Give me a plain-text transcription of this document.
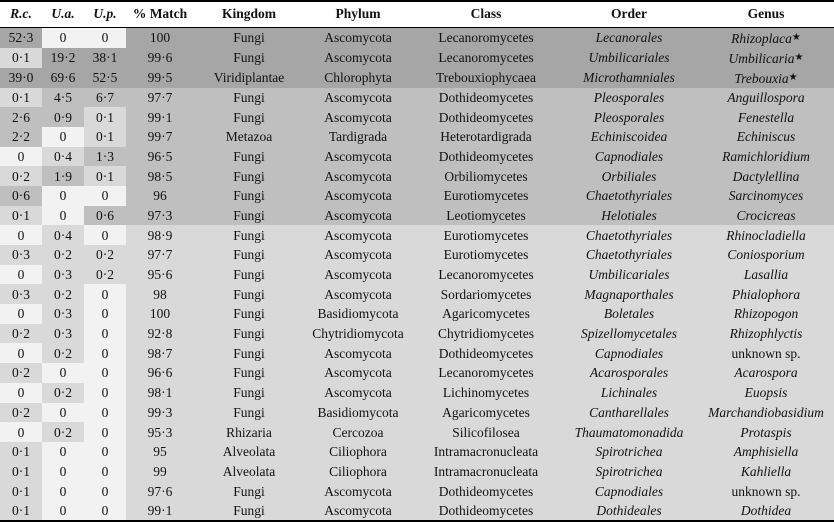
R.c.	U.a.	U.p.	% Match	Kingdom	Phylum	Class	Order	Genus
52·3	0	0	100	Fungi	Ascomycota	Lecanoromycetes	Lecanorales	Rhizoplaca★
0·1	19·2	38·1	99·6	Fungi	Ascomycota	Lecanoromycetes	Umbilicariales	Umbilicaria★
39·0	69·6	52·5	99·5	Viridiplantae	Chlorophyta	Trebouxiophycaea	Microthamniales	Trebouxia★
0·1	4·5	6·7	97·7	Fungi	Ascomycota	Dothideomycetes	Pleosporales	Anguillospora
2·6	0·9	0·1	99·1	Fungi	Ascomycota	Dothideomycetes	Pleosporales	Fenestella
2·2	0	0·1	99·7	Metazoa	Tardigrada	Heterotardigrada	Echiniscoidea	Echiniscus
0	0·4	1·3	96·5	Fungi	Ascomycota	Dothideomycetes	Capnodiales	Ramichloridium
0·2	1·9	0·1	98·5	Fungi	Ascomycota	Orbiliomycetes	Orbiliales	Dactylellina
0·6	0	0	96	Fungi	Ascomycota	Eurotiomycetes	Chaetothyriales	Sarcinomyces
0·1	0	0·6	97·3	Fungi	Ascomycota	Leotiomycetes	Helotiales	Crocicreas
0	0·4	0	98·9	Fungi	Ascomycota	Eurotiomycetes	Chaetothyriales	Rhinocladiella
0·3	0·2	0·2	97·7	Fungi	Ascomycota	Eurotiomycetes	Chaetothyriales	Coniosporium
0	0·3	0·2	95·6	Fungi	Ascomycota	Lecanoromycetes	Umbilicariales	Lasallia
0·3	0·2	0	98	Fungi	Ascomycota	Sordariomycetes	Magnaporthales	Phialophora
0	0·3	0	100	Fungi	Basidiomycota	Agaricomycetes	Boletales	Rhizopogon
0·2	0·3	0	92·8	Fungi	Chytridiomycota	Chytridiomycetes	Spizellomycetales	Rhizophlyctis
0	0·2	0	98·7	Fungi	Ascomycota	Dothideomycetes	Capnodiales	unknown sp.
0·2	0	0	96·6	Fungi	Ascomycota	Lecanoromycetes	Acarosporales	Acarospora
0	0·2	0	98·1	Fungi	Ascomycota	Lichinomycetes	Lichinales	Euopsis
0·2	0	0	99·3	Fungi	Basidiomycota	Agaricomycetes	Cantharellales	Marchandiobasidium
0	0·2	0	95·3	Rhizaria	Cercozoa	Silicofilosea	Thaumatomonadida	Protaspis
0·1	0	0	95	Alveolata	Ciliophora	Intramacronucleata	Spirotrichea	Amphisiella
0·1	0	0	99	Alveolata	Ciliophora	Intramacronucleata	Spirotrichea	Kahliella
0·1	0	0	97·6	Fungi	Ascomycota	Dothideomycetes	Capnodiales	unknown sp.
0·1	0	0	99·1	Fungi	Ascomycota	Dothideomycetes	Dothideales	Dothidea
